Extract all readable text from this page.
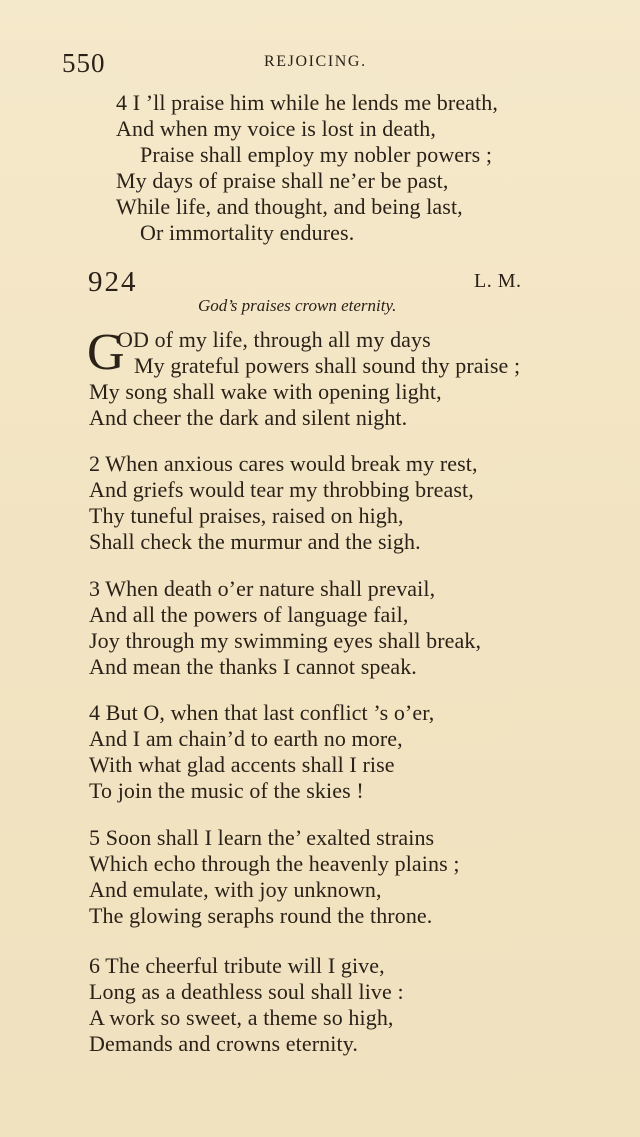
550	REJOICING.
4 I ’ll praise him while he lends me breath,
And when my voice is lost in death,
Praise shall employ my nobler powers ;
My days of praise shall ne’er be past,
While life, and thought, and being last,
Or immortality endures.
924	L. M.
God’s praises crown eternity.
G
OD of my life, through all my days
My grateful powers shall sound thy praise ;
My song shall wake with opening light,
And cheer the dark and silent night.
2 When anxious cares would break my rest,
And griefs would tear my throbbing breast,
Thy tuneful praises, raised on high,
Shall check the murmur and the sigh.
3 When death o’er nature shall prevail,
And all the powers of language fail,
Joy through my swimming eyes shall break,
And mean the thanks I cannot speak.
4 But O, when that last conflict ’s o’er,
And I am chain’d to earth no more,
With what glad accents shall I rise
To join the music of the skies !
5 Soon shall I learn the’ exalted strains
Which echo through the heavenly plains ;
And emulate, with joy unknown,
The glowing seraphs round the throne.
6 The cheerful tribute will I give,
Long as a deathless soul shall live :
A work so sweet, a theme so high,
Demands and crowns eternity.
